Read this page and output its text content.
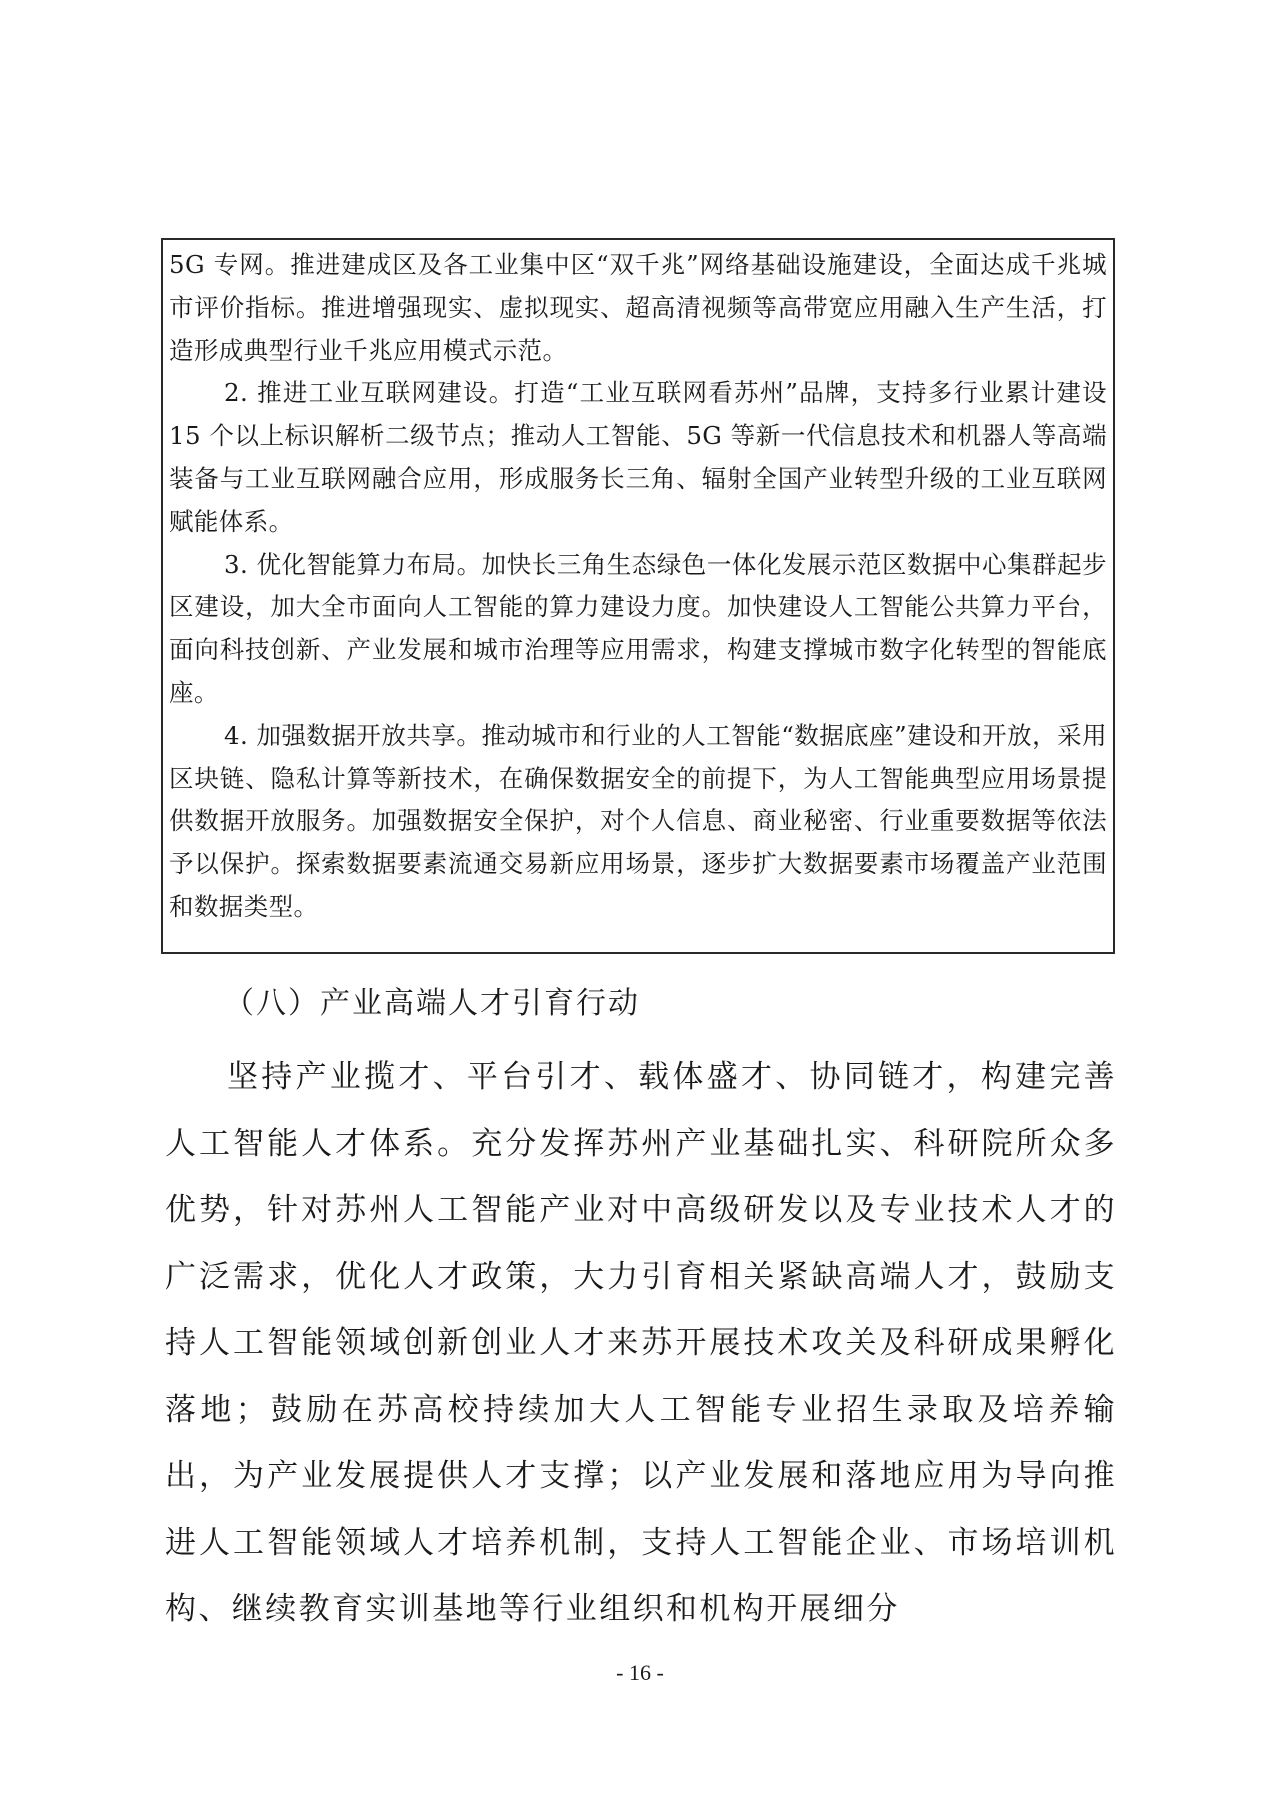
5G 专网。推进建成区及各工业集中区“双千兆”网络基础设施建设，全面达成千兆城市评价指标。推进增强现实、虚拟现实、超高清视频等高带宽应用融入生产生活，打造形成典型行业千兆应用模式示范。

2. 推进工业互联网建设。打造“工业互联网看苏州”品牌，支持多行业累计建设 15 个以上标识解析二级节点；推动人工智能、5G 等新一代信息技术和机器人等高端装备与工业互联网融合应用，形成服务长三角、辐射全国产业转型升级的工业互联网赋能体系。

3. 优化智能算力布局。加快长三角生态绿色一体化发展示范区数据中心集群起步区建设，加大全市面向人工智能的算力建设力度。加快建设人工智能公共算力平台，面向科技创新、产业发展和城市治理等应用需求，构建支撑城市数字化转型的智能底座。

4. 加强数据开放共享。推动城市和行业的人工智能“数据底座”建设和开放，采用区块链、隐私计算等新技术，在确保数据安全的前提下，为人工智能典型应用场景提供数据开放服务。加强数据安全保护，对个人信息、商业秘密、行业重要数据等依法予以保护。探索数据要素流通交易新应用场景，逐步扩大数据要素市场覆盖产业范围和数据类型。

（八）产业高端人才引育行动

坚持产业揽才、平台引才、载体盛才、协同链才，构建完善人工智能人才体系。充分发挥苏州产业基础扎实、科研院所众多优势，针对苏州人工智能产业对中高级研发以及专业技术人才的广泛需求，优化人才政策，大力引育相关紧缺高端人才，鼓励支持人工智能领域创新创业人才来苏开展技术攻关及科研成果孵化落地；鼓励在苏高校持续加大人工智能专业招生录取及培养输出，为产业发展提供人才支撑；以产业发展和落地应用为导向推进人工智能领域人才培养机制，支持人工智能企业、市场培训机构、继续教育实训基地等行业组织和机构开展细分

- 16 -
